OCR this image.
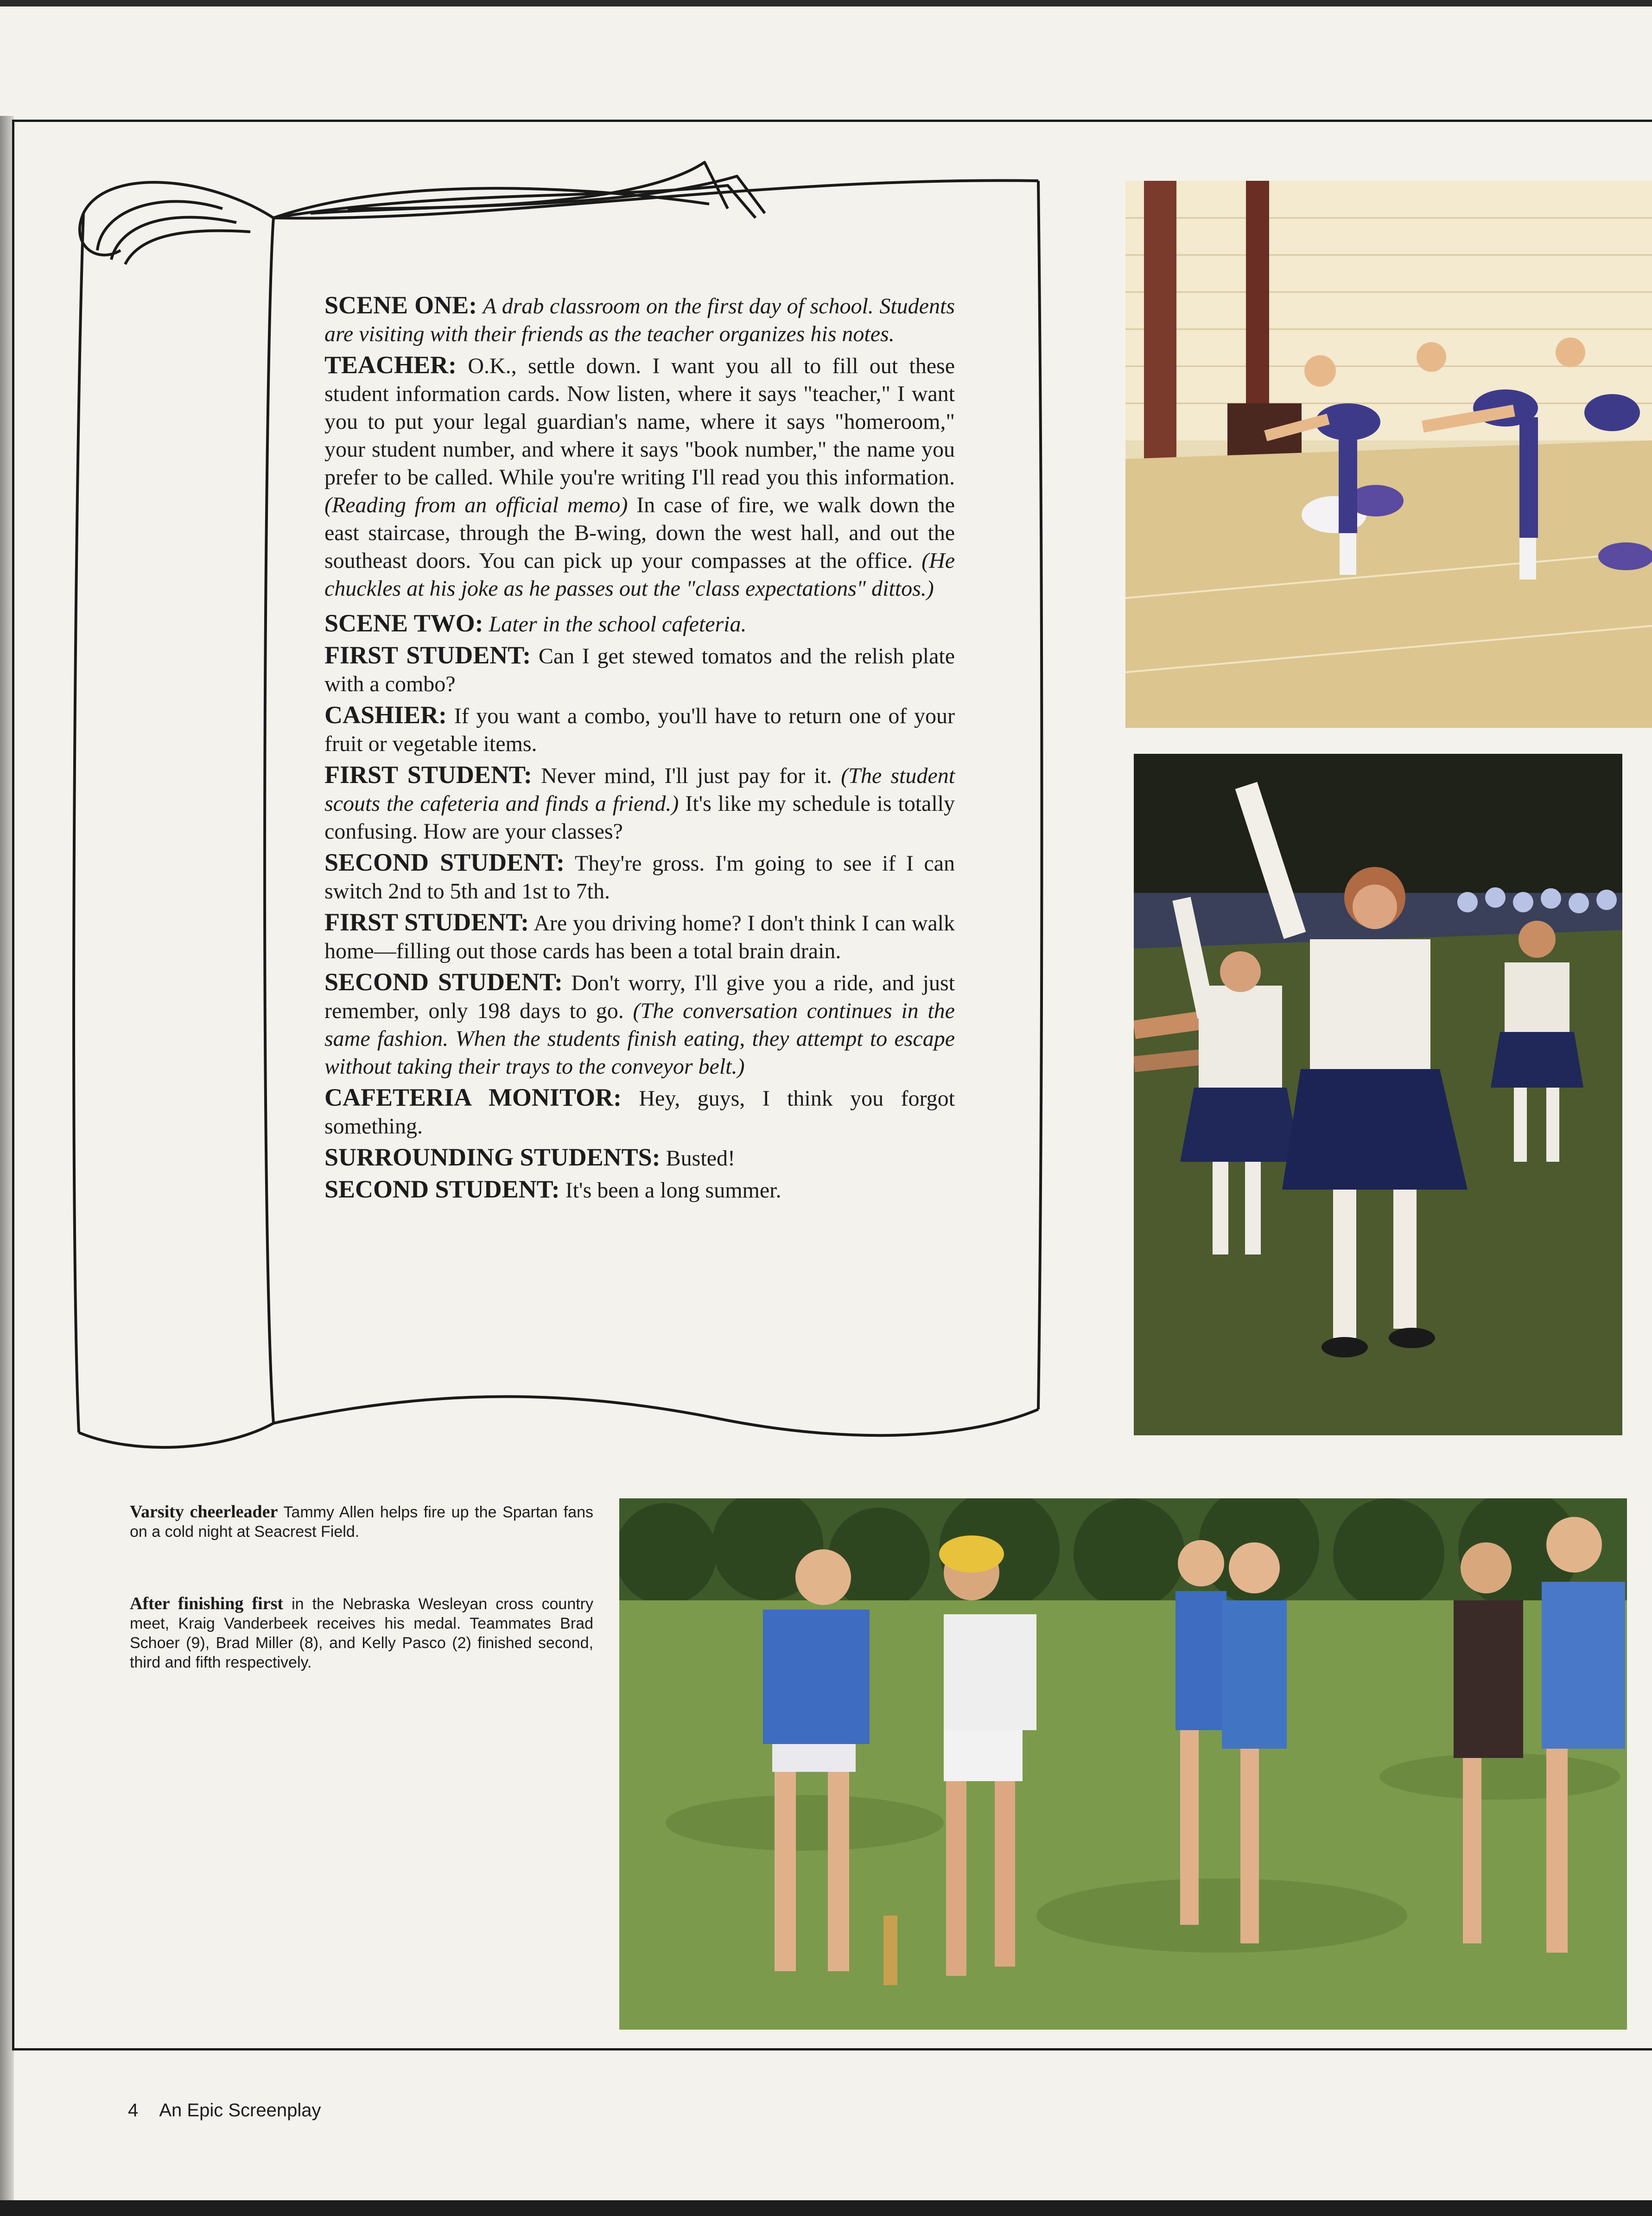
SCENE ONE: A drab classroom on the first day of school. Students are visiting with their friends as the teacher organizes his notes.

TEACHER: O.K., settle down. I want you all to fill out these student information cards. Now listen, where it says "teacher," I want you to put your legal guardian's name, where it says "homeroom," your student number, and where it says "book number," the name you prefer to be called. While you're writing I'll read you this information. (Reading from an official memo) In case of fire, we walk down the east staircase, through the B-wing, down the west hall, and out the southeast doors. You can pick up your compasses at the office. (He chuckles at his joke as he passes out the "class expectations" dittos.)

SCENE TWO: Later in the school cafeteria.

FIRST STUDENT: Can I get stewed tomatos and the relish plate with a combo?

CASHIER: If you want a combo, you'll have to return one of your fruit or vegetable items.

FIRST STUDENT: Never mind, I'll just pay for it. (The student scouts the cafeteria and finds a friend.) It's like my schedule is totally confusing. How are your classes?

SECOND STUDENT: They're gross. I'm going to see if I can switch 2nd to 5th and 1st to 7th.

FIRST STUDENT: Are you driving home? I don't think I can walk home—filling out those cards has been a total brain drain.

SECOND STUDENT: Don't worry, I'll give you a ride, and just remember, only 198 days to go. (The conversation continues in the same fashion. When the students finish eating, they attempt to escape without taking their trays to the conveyor belt.)

CAFETERIA MONITOR: Hey, guys, I think you forgot something.

SURROUNDING STUDENTS: Busted!

SECOND STUDENT: It's been a long summer.

Varsity cheerleader Tammy Allen helps fire up the Spartan fans on a cold night at Seacrest Field.
After finishing first in the Nebraska Wesleyan cross country meet, Kraig Vanderbeek receives his medal. Teammates Brad Schoer (9), Brad Miller (8), and Kelly Pasco (2) finished second, third and fifth respectively.
4 An Epic Screenplay
